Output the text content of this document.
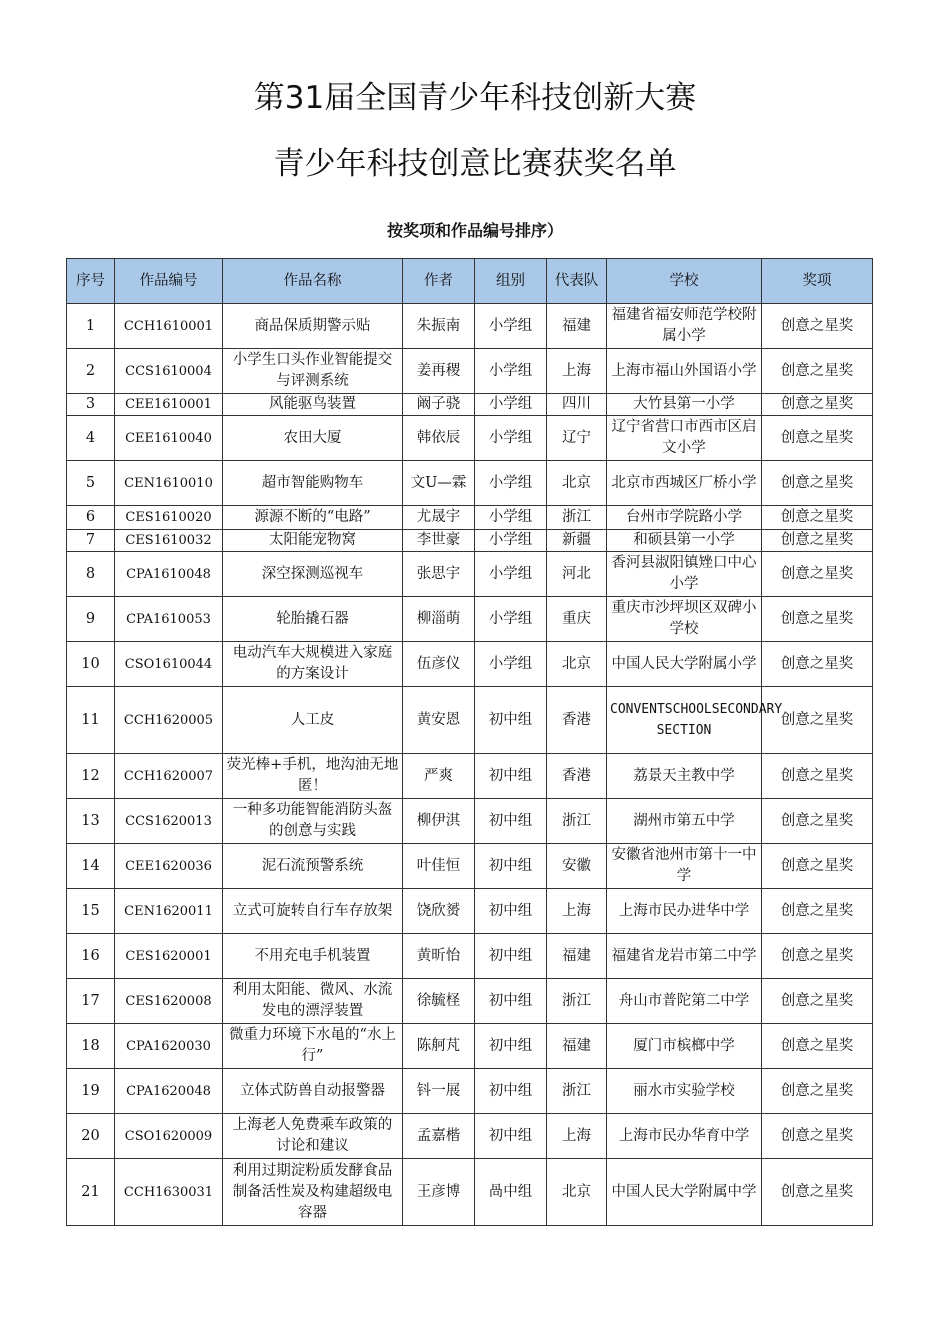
第31届全国青少年科技创新大赛
青少年科技创意比赛获奖名单
按奖项和作品编号排序）
序号	作品编号	作品名称	作者	组别	代表队	学校	奖项
1	CCH1610001	商品保质期警示贴	朱振南	小学组	福建	福建省福安师范学校附属小学	创意之星奖
2	CCS1610004	小学生口头作业智能提交与评测系统	姜再稷	小学组	上海	上海市福山外国语小学	创意之星奖
3	CEE1610001	风能驱鸟装置	阚子骁	小学组	四川	大竹县第一小学	创意之星奖
4	CEE1610040	农田大厦	韩依辰	小学组	辽宁	辽宁省营口市西市区启文小学	创意之星奖
5	CEN1610010	超市智能购物车	文U—霖	小学组	北京	北京市西城区厂桥小学	创意之星奖
6	CES1610020	源源不断的“电路”	尤晟宇	小学组	浙江	台州市学院路小学	创意之星奖
7	CES1610032	太阳能宠物窝	李世豪	小学组	新疆	和硕县第一小学	创意之星奖
8	CPA1610048	深空探测巡视车	张思宇	小学组	河北	香河县淑阳镇矬口中心小学	创意之星奖
9	CPA1610053	轮胎撬石器	柳淄萌	小学组	重庆	重庆市沙坪坝区双碑小学校	创意之星奖
10	CSO1610044	电动汽车大规模进入家庭的方案设计	伍彦仪	小学组	北京	中国人民大学附属小学	创意之星奖
11	CCH1620005	人工皮	黄安恩	初中组	香港	CONVENTSCHOOLSECONDARY SECTION	创意之星奖
12	CCH1620007	荧光棒+手机，地沟油无地匿！	严爽	初中组	香港	荔景天主教中学	创意之星奖
13	CCS1620013	一种多功能智能消防头盔的创意与实践	柳伊淇	初中组	浙江	湖州市第五中学	创意之星奖
14	CEE1620036	泥石流预警系统	叶佳恒	初中组	安徽	安徽省池州市第十一中学	创意之星奖
15	CEN1620011	立式可旋转自行车存放架	饶欣赟	初中组	上海	上海市民办进华中学	创意之星奖
16	CES1620001	不用充电手机装置	黄昕怡	初中组	福建	福建省龙岩市第二中学	创意之星奖
17	CES1620008	利用太阳能、微风、水流发电的漂浮装置	徐毓柽	初中组	浙江	舟山市普陀第二中学	创意之星奖
18	CPA1620030	微重力环境下水黾的“水上行”	陈舸芃	初中组	福建	厦门市槟榔中学	创意之星奖
19	CPA1620048	立体式防兽自动报警器	钭一展	初中组	浙江	丽水市实验学校	创意之星奖
20	CSO1620009	上海老人免费乘车政策的讨论和建议	孟嘉楷	初中组	上海	上海市民办华育中学	创意之星奖
21	CCH1630031	利用过期淀粉质发酵食品制备活性炭及构建超级电容器	王彦博	咼中组	北京	中国人民大学附属中学	创意之星奖
